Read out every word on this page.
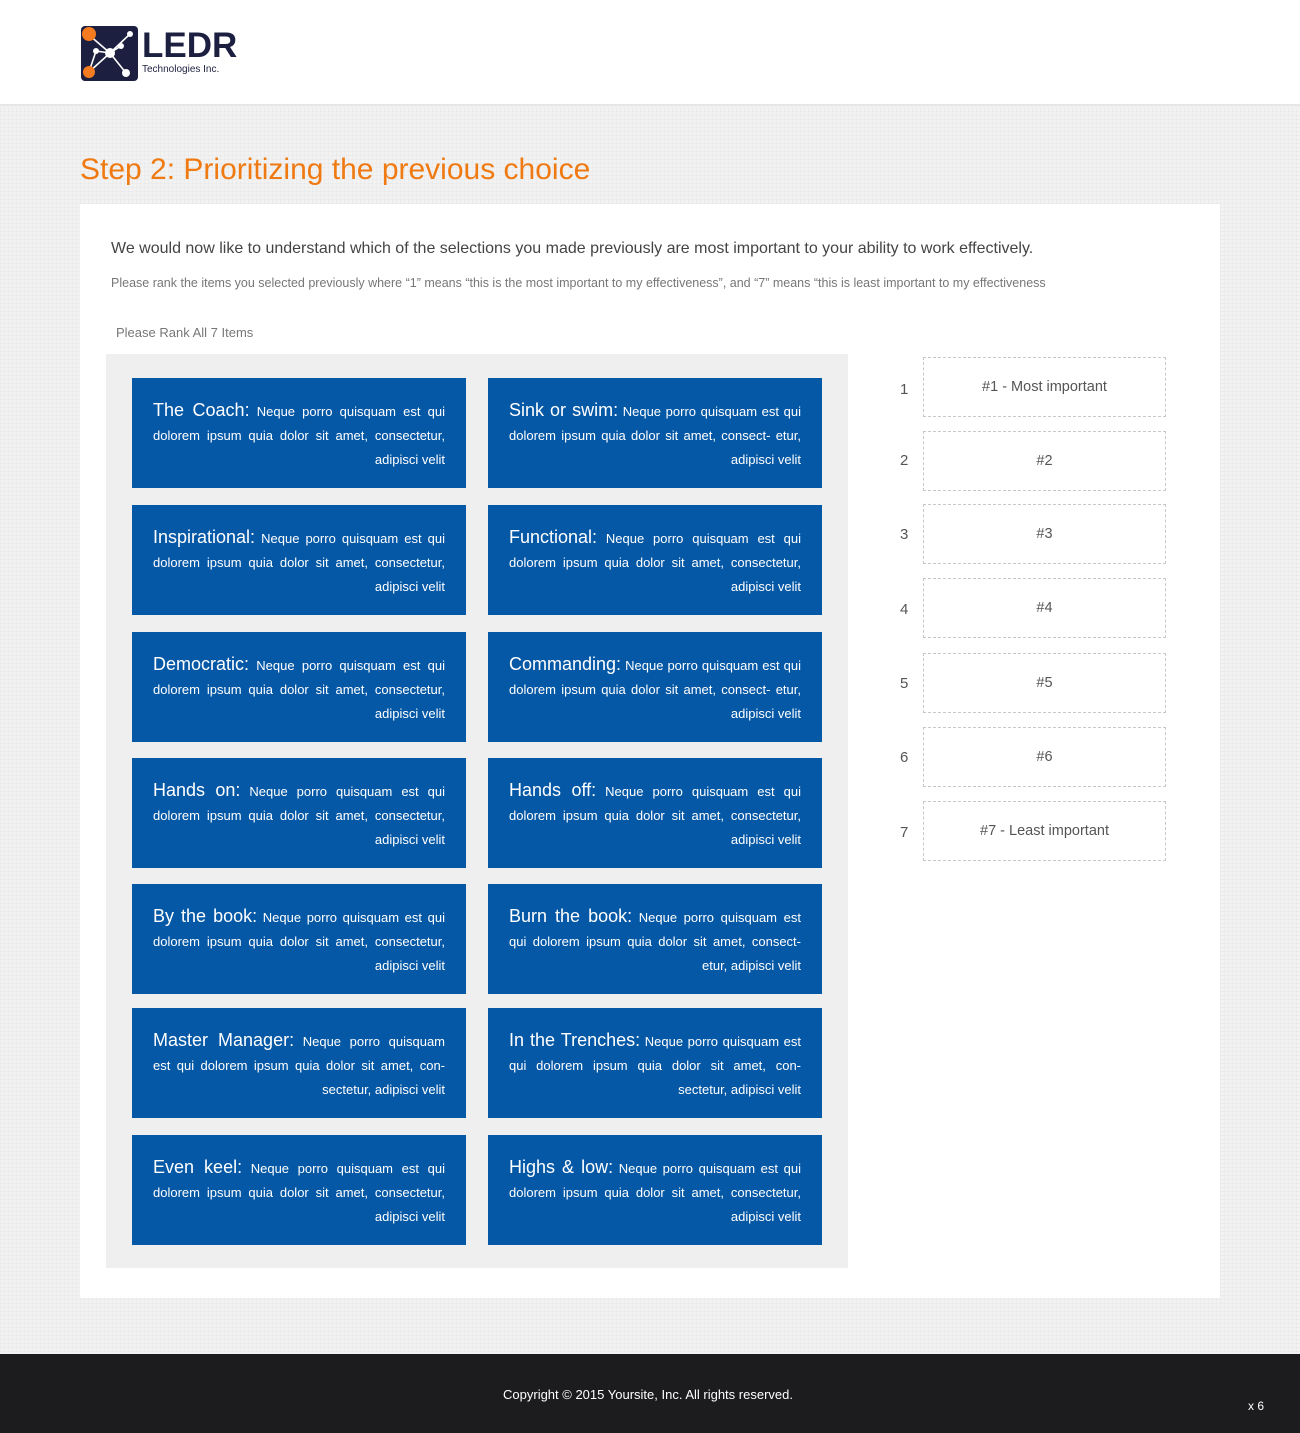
LEDR
Technologies Inc.
Step 2: Prioritizing the previous choice

We would now like to understand which of the selections you made previously are most important to your ability to work effectively.

Please rank the items you selected previously where “1” means “this is the most important to my effectiveness”, and “7” means “this is least important to my effectiveness

Please Rank All 7 Items
The Coach: Neque porro quisquam est qui dolorem ipsum quia dolor sit amet, consectetur, adipisci velit
Sink or swim: Neque porro quisquam est qui dolorem ipsum quia dolor sit amet, consect- etur, adipisci velit
Inspirational: Neque porro quisquam est qui dolorem ipsum quia dolor sit amet, consectetur, adipisci velit
Functional: Neque porro quisquam est qui dolorem ipsum quia dolor sit amet, consectetur, adipisci velit
Democratic: Neque porro quisquam est qui dolorem ipsum quia dolor sit amet, consectetur, adipisci velit
Commanding: Neque porro quisquam est qui dolorem ipsum quia dolor sit amet, consect- etur, adipisci velit
Hands on: Neque porro quisquam est qui dolorem ipsum quia dolor sit amet, consectetur, adipisci velit
Hands off: Neque porro quisquam est qui dolorem ipsum quia dolor sit amet, consectetur, adipisci velit
By the book: Neque porro quisquam est qui dolorem ipsum quia dolor sit amet, consectetur, adipisci velit
Burn the book: Neque porro quisquam est qui dolorem ipsum quia dolor sit amet, consect- etur, adipisci velit
Master Manager: Neque porro quisquam est qui dolorem ipsum quia dolor sit amet, con- sectetur, adipisci velit
In the Trenches: Neque porro quisquam est qui dolorem ipsum quia dolor sit amet, con- sectetur, adipisci velit
Even keel: Neque porro quisquam est qui dolorem ipsum quia dolor sit amet, consectetur, adipisci velit
Highs & low: Neque porro quisquam est qui dolorem ipsum quia dolor sit amet, consectetur, adipisci velit
1	#1 - Most important
2	#2
3	#3
4	#4
5	#5
6	#6
7	#7 - Least important
Copyright © 2015 Yoursite, Inc. All rights reserved.
x 6
